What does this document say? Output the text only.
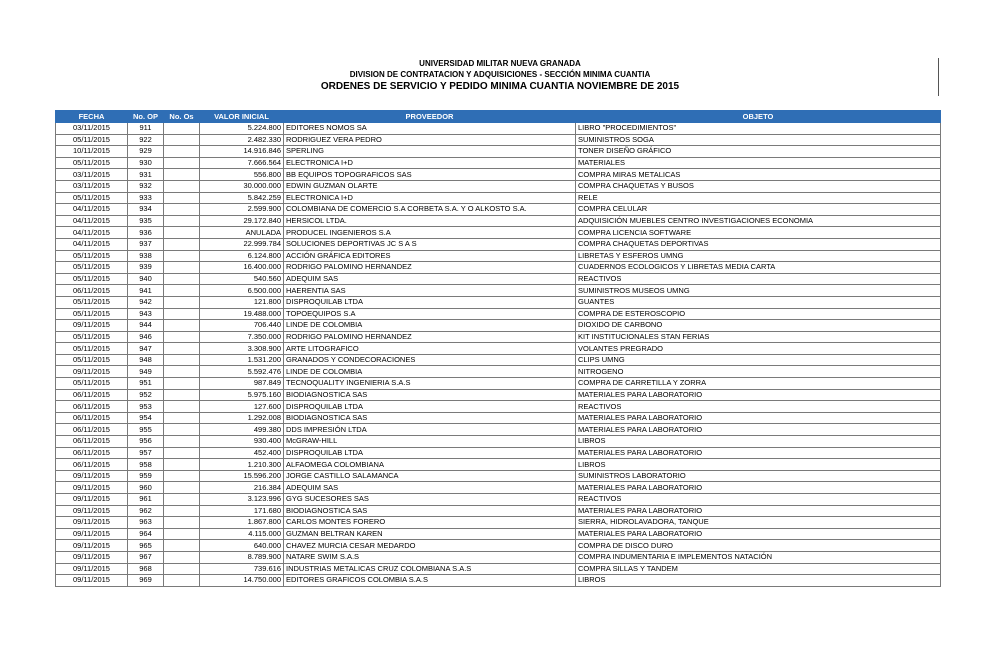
UNIVERSIDAD MILITAR NUEVA GRANADA
DIVISION DE CONTRATACION Y ADQUISICIONES - SECCIÓN MINIMA CUANTIA
ORDENES DE SERVICIO Y PEDIDO MINIMA CUANTIA NOVIEMBRE DE 2015
FECHA	No. OP	No. Os	VALOR INICIAL	PROVEEDOR	OBJETO
03/11/2015	911		5.224.800	EDITORES NOMOS SA	LIBRO "PROCEDIMIENTOS"
05/11/2015	922		2.482.330	RODRIGUEZ VERA PEDRO	SUMINISTROS SOGA
10/11/2015	929		14.916.846	SPERLING	TONER DISEÑO GRÁFICO
05/11/2015	930		7.666.564	ELECTRONICA I+D	MATERIALES
03/11/2015	931		556.800	BB EQUIPOS TOPOGRAFICOS SAS	COMPRA MIRAS METALICAS
03/11/2015	932		30.000.000	EDWIN GUZMAN OLARTE	COMPRA CHAQUETAS Y BUSOS
05/11/2015	933		5.842.259	ELECTRONICA I+D	RELE
04/11/2015	934		2.599.900	COLOMBIANA DE COMERCIO S.A CORBETA S.A. Y O ALKOSTO S.A.	COMPRA CELULAR
04/11/2015	935		29.172.840	HERSICOL LTDA.	ADQUISICIÓN MUEBLES CENTRO INVESTIGACIONES ECONOMIA
04/11/2015	936		ANULADA	PRODUCEL INGENIEROS S.A	COMPRA LICENCIA SOFTWARE
04/11/2015	937		22.999.784	SOLUCIONES DEPORTIVAS JC S A S	COMPRA CHAQUETAS DEPORTIVAS
05/11/2015	938		6.124.800	ACCIÓN GRÁFICA EDITORES	LIBRETAS Y ESFEROS UMNG
05/11/2015	939		16.400.000	RODRIGO PALOMINO HERNANDEZ	CUADERNOS ECOLOGICOS Y LIBRETAS MEDIA CARTA
05/11/2015	940		540.560	ADEQUIM SAS	REACTIVOS
06/11/2015	941		6.500.000	HAERENTIA SAS	SUMINISTROS MUSEOS UMNG
05/11/2015	942		121.800	DISPROQUILAB LTDA	GUANTES
05/11/2015	943		19.488.000	TOPOEQUIPOS S.A	COMPRA DE ESTEROSCOPIO
09/11/2015	944		706.440	LINDE DE COLOMBIA	DIOXIDO DE CARBONO
05/11/2015	946		7.350.000	RODRIGO PALOMINO HERNANDEZ	KIT INSTITUCIONALES STAN FERIAS
05/11/2015	947		3.308.900	ARTE LITOGRAFICO	VOLANTES PREGRADO
05/11/2015	948		1.531.200	GRANADOS Y CONDECORACIONES	CLIPS UMNG
09/11/2015	949		5.592.476	LINDE DE COLOMBIA	NITROGENO
05/11/2015	951		987.849	TECNOQUALITY INGENIERIA S.A.S	COMPRA DE CARRETILLA Y ZORRA
06/11/2015	952		5.975.160	BIODIAGNOSTICA SAS	MATERIALES PARA LABORATORIO
06/11/2015	953		127.600	DISPROQUILAB LTDA	REACTIVOS
06/11/2015	954		1.292.008	BIODIAGNOSTICA SAS	MATERIALES PARA LABORATORIO
06/11/2015	955		499.380	DDS IMPRESIÓN LTDA	MATERIALES PARA LABORATORIO
06/11/2015	956		930.400	McGRAW-HILL	LIBROS
06/11/2015	957		452.400	DISPROQUILAB LTDA	MATERIALES PARA LABORATORIO
06/11/2015	958		1.210.300	ALFAOMEGA COLOMBIANA	LIBROS
09/11/2015	959		15.596.200	JORGE CASTILLO SALAMANCA	SUMINISTROS LABORATORIO
09/11/2015	960		216.384	ADEQUIM SAS	MATERIALES PARA LABORATORIO
09/11/2015	961		3.123.996	GYG SUCESORES SAS	REACTIVOS
09/11/2015	962		171.680	BIODIAGNOSTICA SAS	MATERIALES PARA LABORATORIO
09/11/2015	963		1.867.800	CARLOS MONTES FORERO	SIERRA, HIDROLAVADORA, TANQUE
09/11/2015	964		4.115.000	GUZMAN BELTRAN KAREN	MATERIALES PARA LABORATORIO
09/11/2015	965		640.000	CHAVEZ MURCIA CESAR MEDARDO	COMPRA DE DISCO DURO
09/11/2015	967		8.789.900	NATARE SWIM S.A.S	COMPRA INDUMENTARIA E IMPLEMENTOS NATACIÓN
09/11/2015	968		739.616	INDUSTRIAS METALICAS CRUZ COLOMBIANA S.A.S	COMPRA SILLAS Y TANDEM
09/11/2015	969		14.750.000	EDITORES GRAFICOS COLOMBIA S.A.S	LIBROS
